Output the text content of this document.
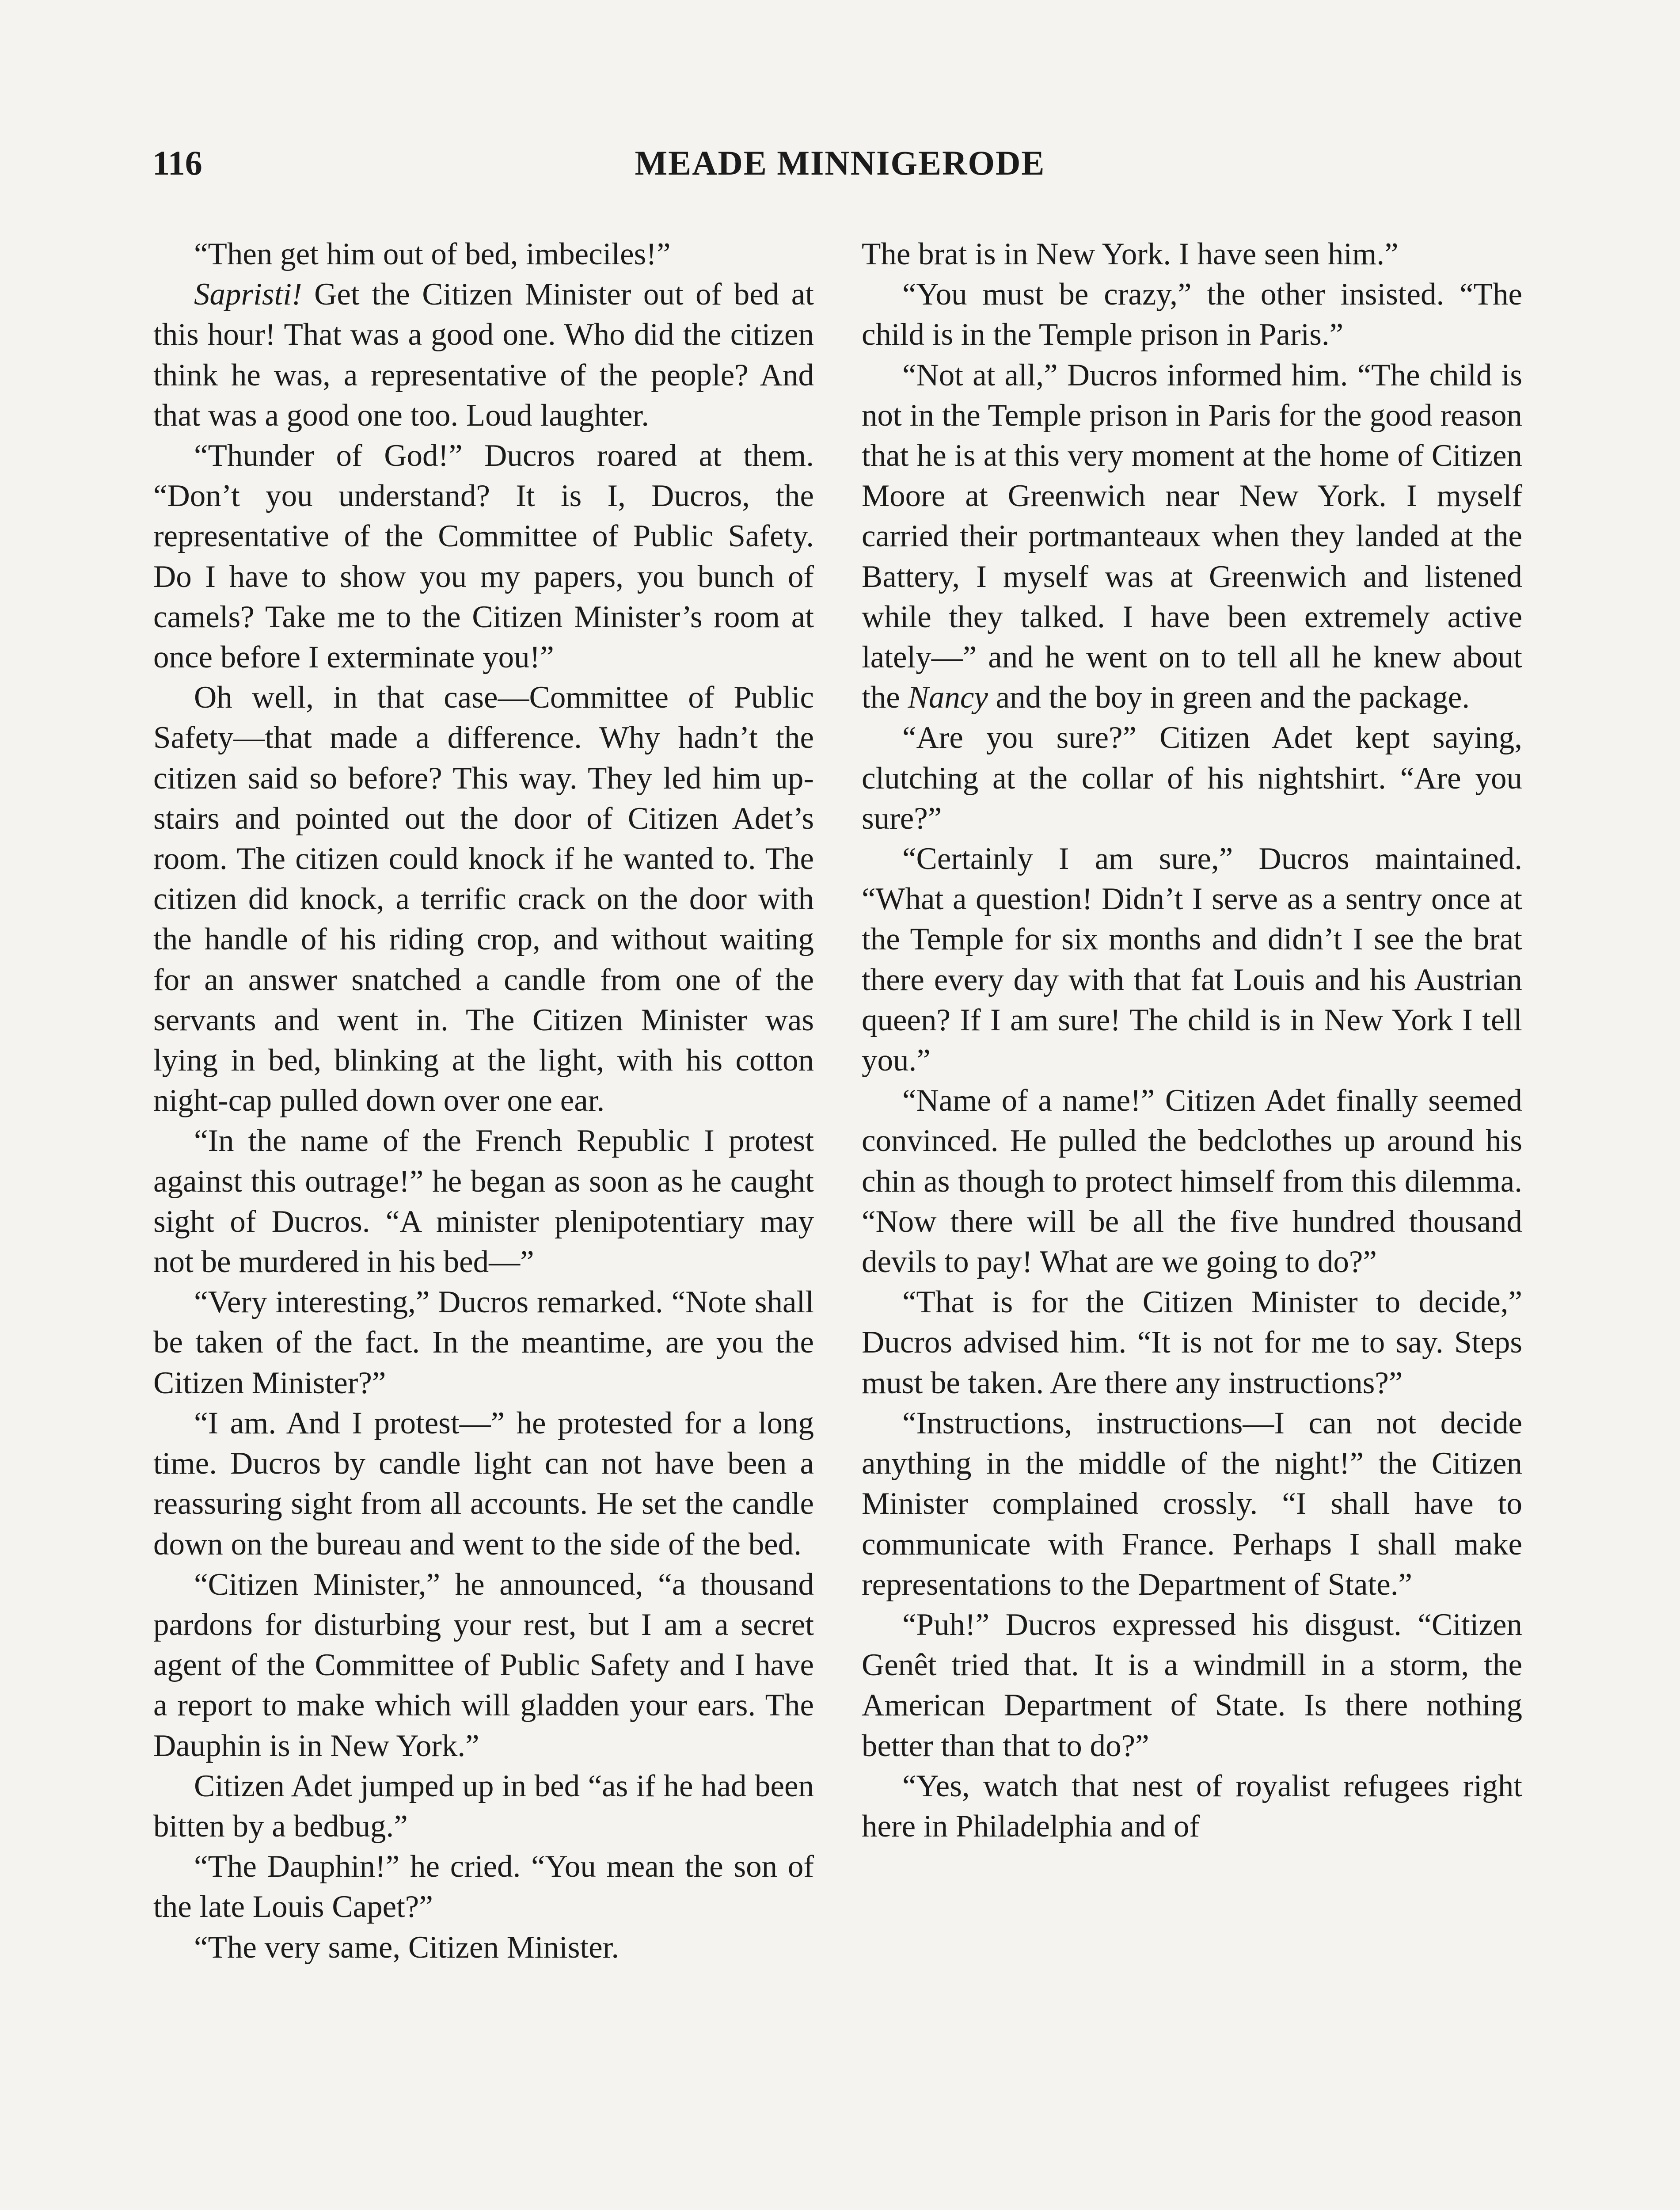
116	MEADE MINNIGERODE

“Then get him out of bed, imbeciles!”

Sapristi! Get the Citizen Minister out of bed at this hour! That was a good one. Who did the citizen think he was, a representative of the people? And that was a good one too. Loud laughter.

“Thunder of God!” Ducros roared at them. “Don’t you understand? It is I, Ducros, the representative of the Committee of Public Safety. Do I have to show you my papers, you bunch of camels? Take me to the Citizen Minister’s room at once before I exterminate you!”

Oh well, in that case—Committee of Public Safety—that made a difference. Why hadn’t the citizen said so before? This way. They led him up-stairs and pointed out the door of Citizen Adet’s room. The citizen could knock if he wanted to. The citizen did knock, a terrific crack on the door with the handle of his riding crop, and without waiting for an answer snatched a candle from one of the servants and went in. The Citizen Minister was lying in bed, blinking at the light, with his cotton night-cap pulled down over one ear.

“In the name of the French Republic I protest against this outrage!” he began as soon as he caught sight of Ducros. “A minister plenipotentiary may not be murdered in his bed—”

“Very interesting,” Ducros remarked. “Note shall be taken of the fact. In the meantime, are you the Citizen Minister?”

“I am. And I protest—” he protested for a long time. Ducros by candle light can not have been a reassuring sight from all accounts. He set the candle down on the bureau and went to the side of the bed.

“Citizen Minister,” he announced, “a thousand pardons for disturbing your rest, but I am a secret agent of the Committee of Public Safety and I have a report to make which will gladden your ears. The Dauphin is in New York.”

Citizen Adet jumped up in bed “as if he had been bitten by a bedbug.”

“The Dauphin!” he cried. “You mean the son of the late Louis Capet?”

“The very same, Citizen Minister.

The brat is in New York. I have seen him.”

“You must be crazy,” the other insisted. “The child is in the Temple prison in Paris.”

“Not at all,” Ducros informed him. “The child is not in the Temple prison in Paris for the good reason that he is at this very moment at the home of Citizen Moore at Greenwich near New York. I myself carried their portmanteaux when they landed at the Battery, I myself was at Greenwich and listened while they talked. I have been extremely active lately—” and he went on to tell all he knew about the Nancy and the boy in green and the package.

“Are you sure?” Citizen Adet kept saying, clutching at the collar of his nightshirt. “Are you sure?”

“Certainly I am sure,” Ducros maintained. “What a question! Didn’t I serve as a sentry once at the Temple for six months and didn’t I see the brat there every day with that fat Louis and his Austrian queen? If I am sure! The child is in New York I tell you.”

“Name of a name!” Citizen Adet finally seemed convinced. He pulled the bedclothes up around his chin as though to protect himself from this dilemma. “Now there will be all the five hundred thousand devils to pay! What are we going to do?”

“That is for the Citizen Minister to decide,” Ducros advised him. “It is not for me to say. Steps must be taken. Are there any instructions?”

“Instructions, instructions—I can not decide anything in the middle of the night!” the Citizen Minister complained crossly. “I shall have to communicate with France. Perhaps I shall make representations to the Department of State.”

“Puh!” Ducros expressed his disgust. “Citizen Genêt tried that. It is a windmill in a storm, the American Department of State. Is there nothing better than that to do?”

“Yes, watch that nest of royalist refugees right here in Philadelphia and of
